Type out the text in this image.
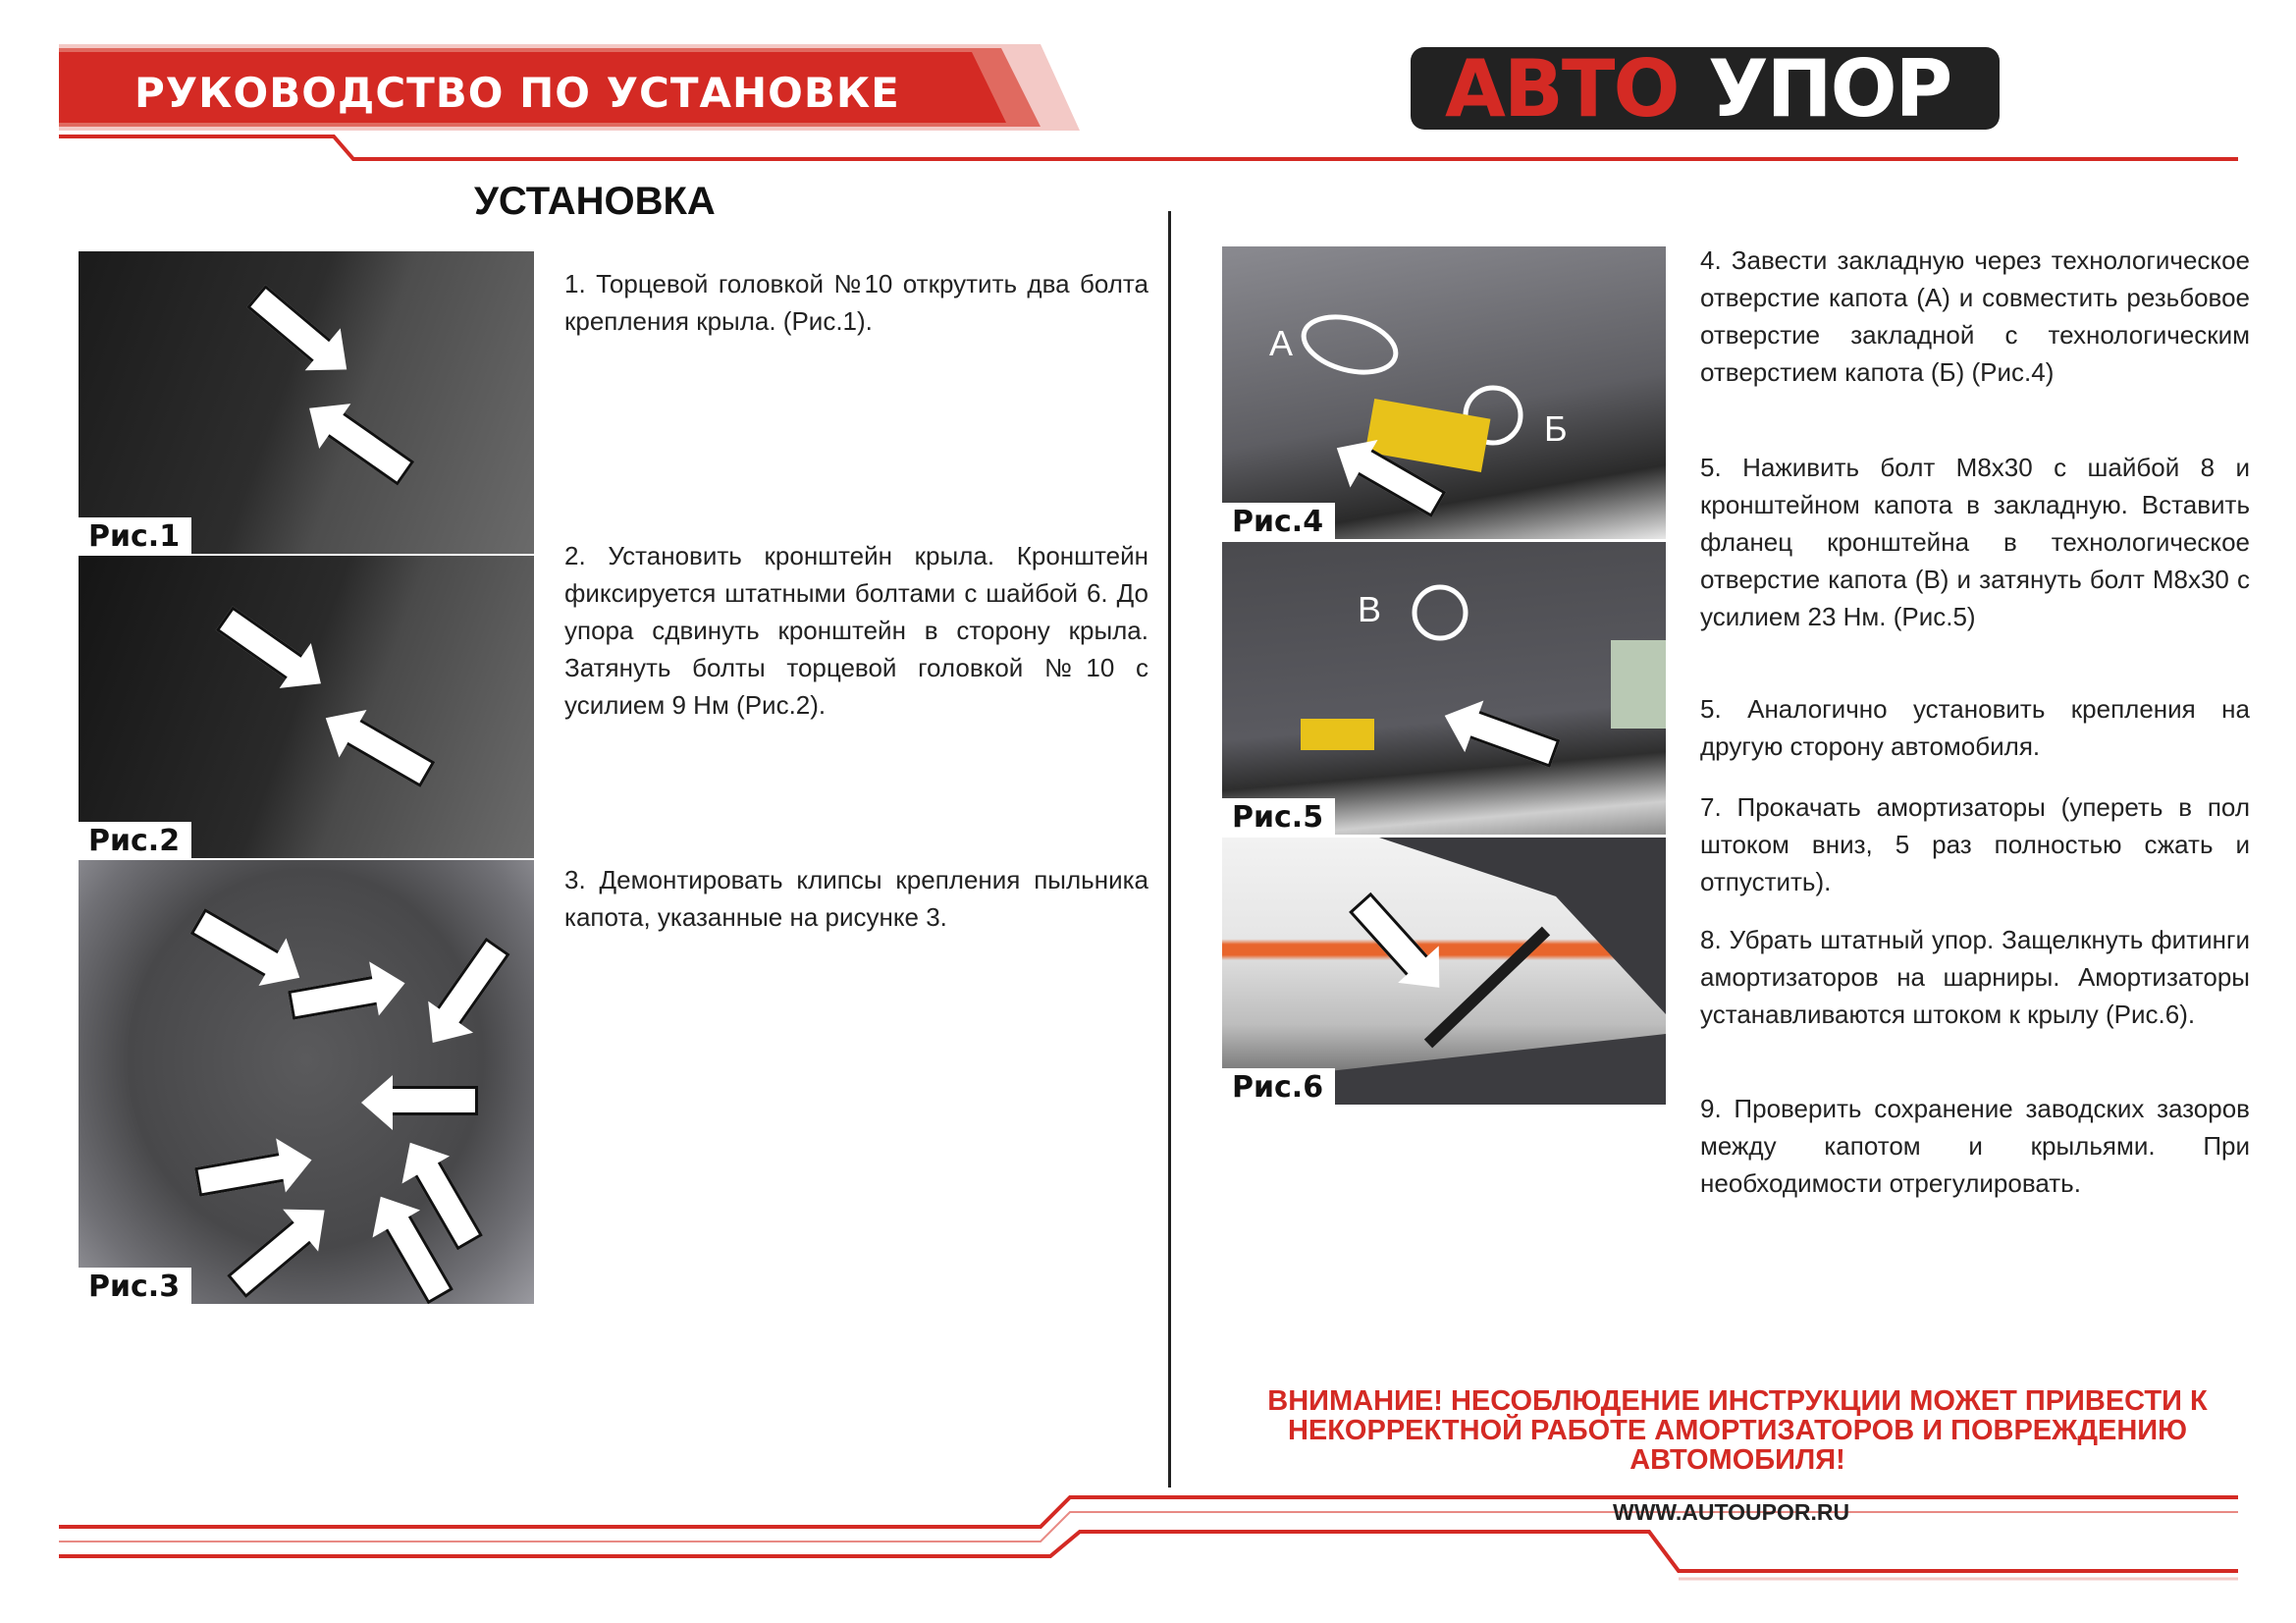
РУКОВОДСТВО ПО УСТАНОВКЕ	АВТО УПОР
УСТАНОВКА
Рис.1
Рис.2
Рис.3
1. Торцевой головкой №10 открутить два болта крепления крыла. (Рис.1).
2. Установить кронштейн крыла. Кронштейн фиксируется штатными болтами с шайбой 6. До упора сдвинуть кронштейн в сторону крыла. Затянуть болты торцевой головкой №10 с усилием 9 Нм (Рис.2).
3. Демонтировать клипсы крепления пыльника капота, указанные на рисунке 3.
А
Б
Рис.4
В
Рис.5
Рис.6
4. Завести закладную через технологическое отверстие капота (А) и совместить резьбовое отверстие закладной с технологическим отверстием капота (Б) (Рис.4)
5. Наживить болт М8х30 с шайбой 8 и кронштейном капота в закладную. Вставить фланец кронштейна в технологическое отверстие капота (В) и затянуть болт М8х30 с усилием 23 Нм. (Рис.5)
5. Аналогично установить крепления на другую сторону автомобиля.
7. Прокачать амортизаторы (упереть в пол штоком вниз, 5 раз полностью сжать и отпустить).
8. Убрать штатный упор. Защелкнуть фитинги амортизаторов на шарниры. Амортизаторы устанавливаются штоком к крылу (Рис.6).
9. Проверить сохранение заводских зазоров между капотом и крыльями. При необходимости отрегулировать.
ВНИМАНИЕ! НЕСОБЛЮДЕНИЕ ИНСТРУКЦИИ МОЖЕТ ПРИВЕСТИ К НЕКОРРЕКТНОЙ РАБОТЕ АМОРТИЗАТОРОВ И ПОВРЕЖДЕНИЮ АВТОМОБИЛЯ!
WWW.AUTOUPOR.RU
